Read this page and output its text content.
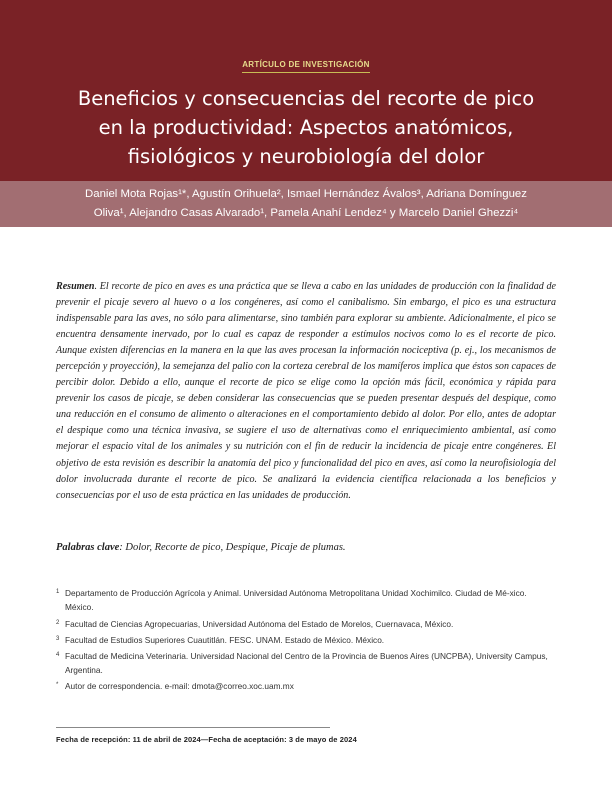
ARTÍCULO DE INVESTIGACIÓN
Beneficios y consecuencias del recorte de pico
en la productividad: Aspectos anatómicos,
fisiológicos y neurobiología del dolor
Daniel Mota Rojas¹*, Agustín Orihuela², Ismael Hernández Ávalos³, Adriana Domínguez
Oliva¹, Alejandro Casas Alvarado¹, Pamela Anahí Lendez⁴ y Marcelo Daniel Ghezzi⁴

Resumen. El recorte de pico en aves es una práctica que se lleva a cabo en las unidades de producción con la finalidad de prevenir el picaje severo al huevo o a los congéneres, así como el canibalismo. Sin embargo, el pico es una estructura indispensable para las aves, no sólo para alimentarse, sino también para explorar su ambiente. Adicionalmente, el pico se encuentra densamente inervado, por lo cual es capaz de responder a estímulos nocivos como lo es el recorte de pico. Aunque existen diferencias en la manera en la que las aves procesan la información nociceptiva (p. ej., los mecanismos de percepción y proyección), la semejanza del palio con la corteza cerebral de los mamíferos implica que éstos son capaces de percibir dolor. Debido a ello, aunque el recorte de pico se elige como la opción más fácil, económica y rápida para prevenir los casos de picaje, se deben considerar las consecuencias que se pueden presentar después del despique, como una reducción en el consumo de alimento o alteraciones en el comportamiento debido al dolor. Por ello, antes de adoptar el despique como una técnica invasiva, se sugiere el uso de alternativas como el enriquecimiento ambiental, así como mejorar el espacio vital de los animales y su nutrición con el fin de reducir la incidencia de picaje entre congéneres. El objetivo de esta revisión es describir la anatomía del pico y funcionalidad del pico en aves, así como la neurofisiología del dolor involucrada durante el recorte de pico. Se analizará la evidencia científica relacionada a los beneficios y consecuencias por el uso de esta práctica en las unidades de producción.

Palabras clave: Dolor, Recorte de pico, Despique, Picaje de plumas.

1 Departamento de Producción Agrícola y Animal. Universidad Autónoma Metropolitana Unidad Xochimilco. Ciudad de Mé-xico. México.
2 Facultad de Ciencias Agropecuarias, Universidad Autónoma del Estado de Morelos, Cuernavaca, México.
3 Facultad de Estudios Superiores Cuautitlán. FESC. UNAM. Estado de México. México.
4 Facultad de Medicina Veterinaria. Universidad Nacional del Centro de la Provincia de Buenos Aires (UNCPBA), University Campus, Argentina.
* Autor de correspondencia. e-mail: dmota@correo.xoc.uam.mx
Fecha de recepción: 11 de abril de 2024—Fecha de aceptación: 3 de mayo de 2024
